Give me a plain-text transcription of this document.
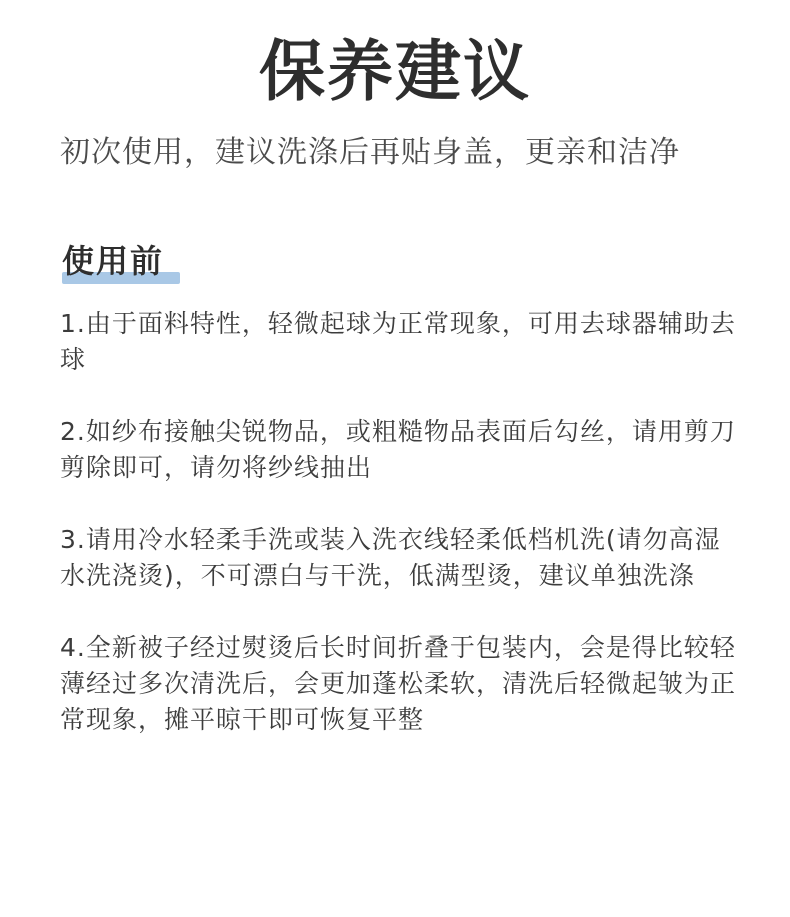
保养建议
初次使用，建议洗涤后再贴身盖，更亲和洁净
使用前

1.由于面料特性，轻微起球为正常现象，可用去球器辅助去球

2.如纱布接触尖锐物品，或粗糙物品表面后勾丝，请用剪刀剪除即可，请勿将纱线抽出

3.请用冷水轻柔手洗或装入洗衣线轻柔低档机洗(请勿高湿水洗浇烫)，不可漂白与干洗，低满型烫，建议单独洗涤

4.全新被子经过熨烫后长时间折叠于包装内，会是得比较轻薄经过多次清洗后，会更加蓬松柔软，清洗后轻微起皱为正常现象，摊平晾干即可恢复平整
